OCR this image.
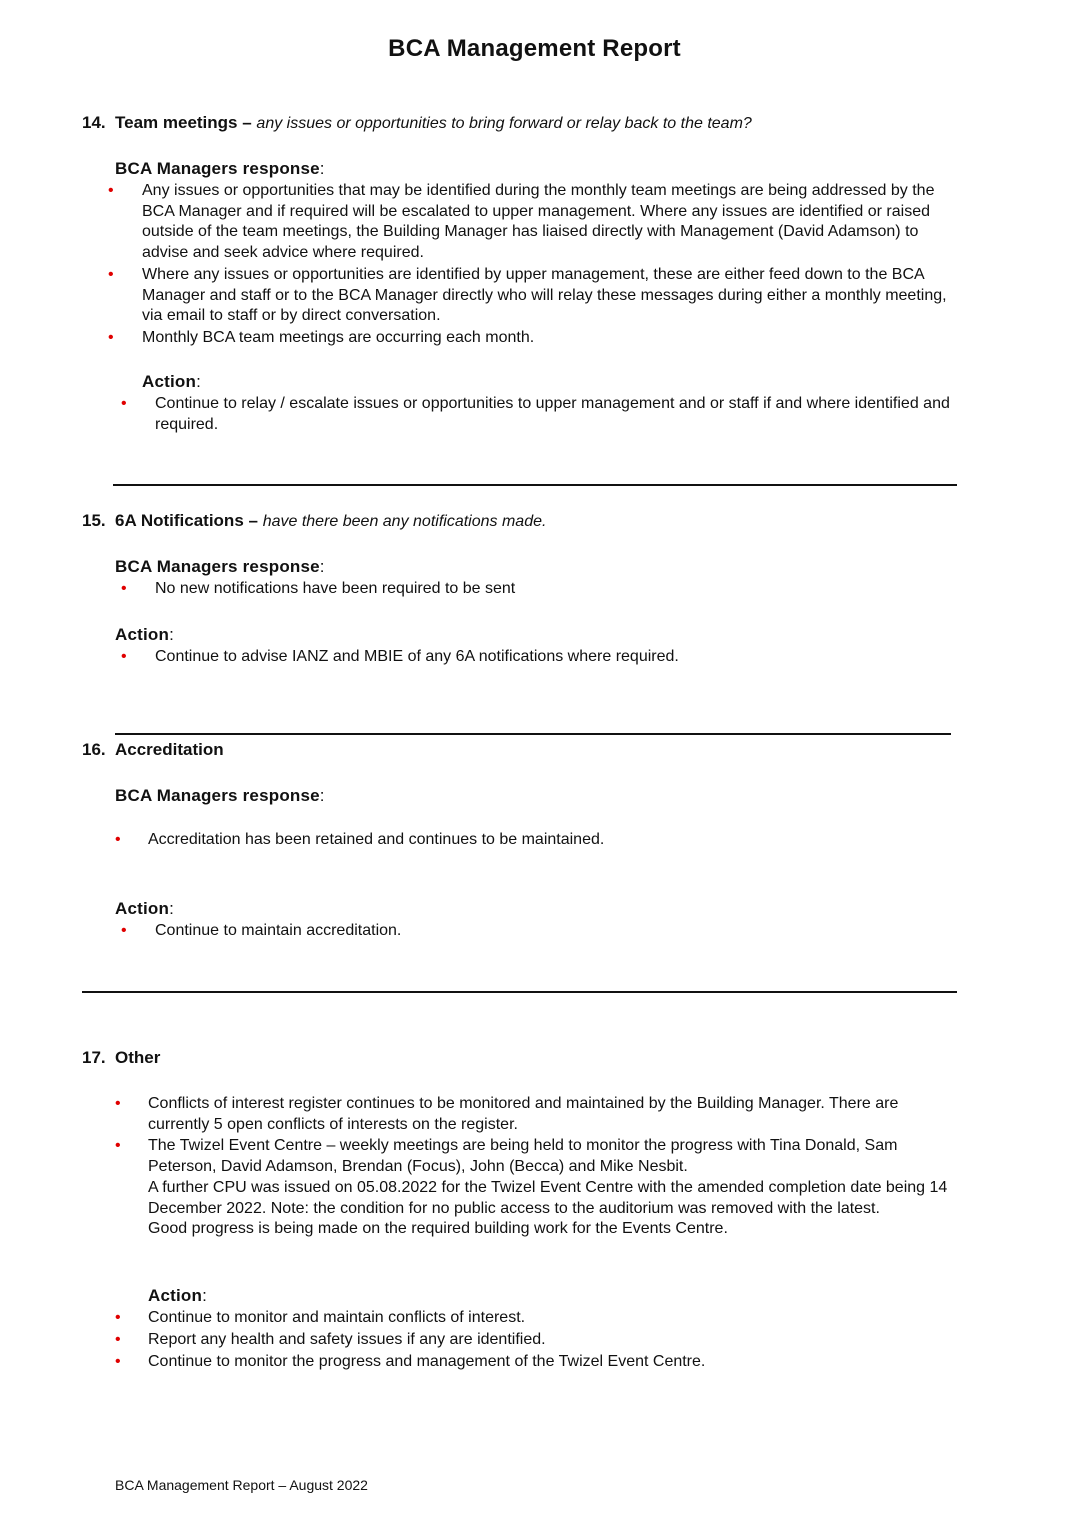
BCA Management Report
14. Team meetings – any issues or opportunities to bring forward or relay back to the team?
BCA Managers response:
• Any issues or opportunities that may be identified during the monthly team meetings are being addressed by the BCA Manager and if required will be escalated to upper management. Where any issues are identified or raised outside of the team meetings, the Building Manager has liaised directly with Management (David Adamson) to advise and seek advice where required.
• Where any issues or opportunities are identified by upper management, these are either feed down to the BCA Manager and staff or to the BCA Manager directly who will relay these messages during either a monthly meeting, via email to staff or by direct conversation.
• Monthly BCA team meetings are occurring each month.
Action:
• Continue to relay / escalate issues or opportunities to upper management and or staff if and where identified and required.
15. 6A Notifications – have there been any notifications made.
BCA Managers response:
• No new notifications have been required to be sent
Action:
• Continue to advise IANZ and MBIE of any 6A notifications where required.
16. Accreditation
BCA Managers response:
• Accreditation has been retained and continues to be maintained.
Action:
• Continue to maintain accreditation.
17. Other
• Conflicts of interest register continues to be monitored and maintained by the Building Manager. There are currently 5 open conflicts of interests on the register.
• The Twizel Event Centre – weekly meetings are being held to monitor the progress with Tina Donald, Sam Peterson, David Adamson, Brendan (Focus), John (Becca) and Mike Nesbit.

A further CPU was issued on 05.08.2022 for the Twizel Event Centre with the amended completion date being 14 December 2022. Note: the condition for no public access to the auditorium was removed with the latest.

Good progress is being made on the required building work for the Events Centre.

Action:
• Continue to monitor and maintain conflicts of interest.
• Report any health and safety issues if any are identified.
• Continue to monitor the progress and management of the Twizel Event Centre.
BCA Management Report – August 2022
